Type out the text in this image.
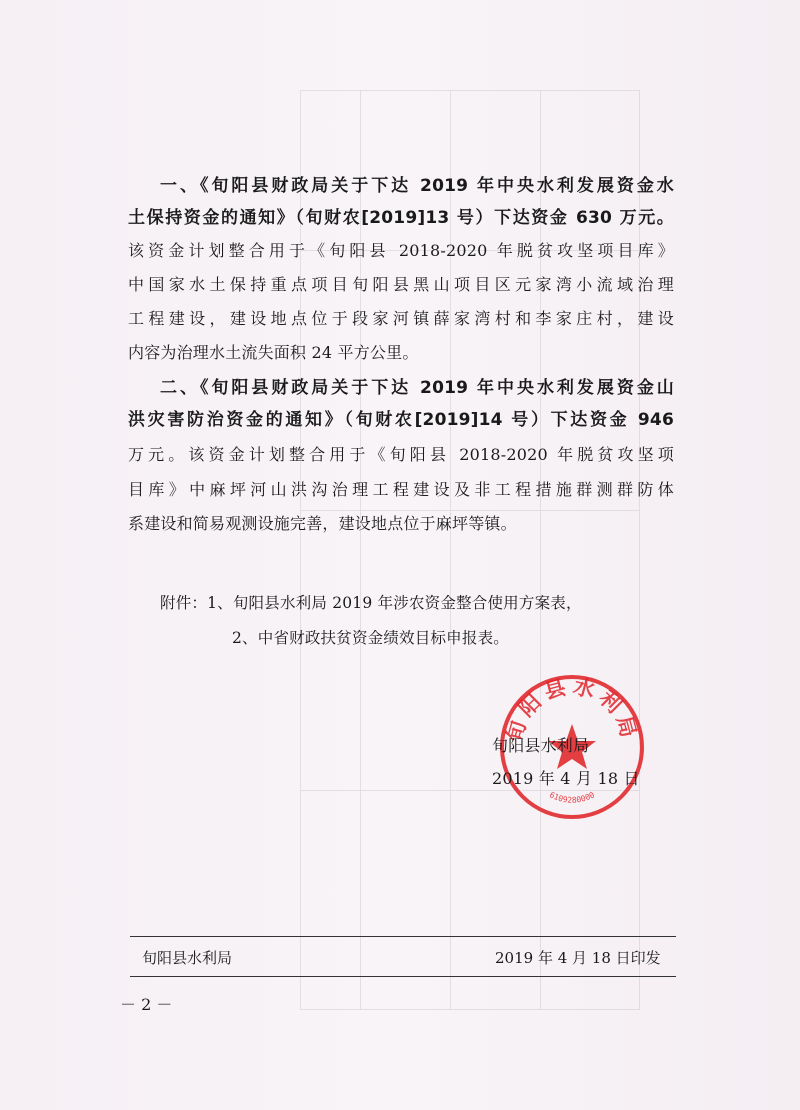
一、《旬阳县财政局关于下达 2019 年中央水利发展资金水
土保持资金的通知》（旬财农[2019]13 号）下达资金 630 万元。
该资金计划整合用于《旬阳县 2018-2020 年脱贫攻坚项目库》
中国家水土保持重点项目旬阳县黑山项目区元家湾小流域治理
工程建设，建设地点位于段家河镇薛家湾村和李家庄村，建设
内容为治理水土流失面积 24 平方公里。
二、《旬阳县财政局关于下达 2019 年中央水利发展资金山
洪灾害防治资金的通知》（旬财农[2019]14 号）下达资金 946
万元。该资金计划整合用于《旬阳县 2018-2020 年脱贫攻坚项
目库》中麻坪河山洪沟治理工程建设及非工程措施群测群防体
系建设和简易观测设施完善，建设地点位于麻坪等镇。
附件：1、旬阳县水利局 2019 年涉农资金整合使用方案表，
2、中省财政扶贫资金绩效目标申报表。
旬阳县水利局
6109280000
旬阳县水利局
2019 年 4 月 18 日
旬阳县水利局	2019 年 4 月 18 日印发
－ 2 －
